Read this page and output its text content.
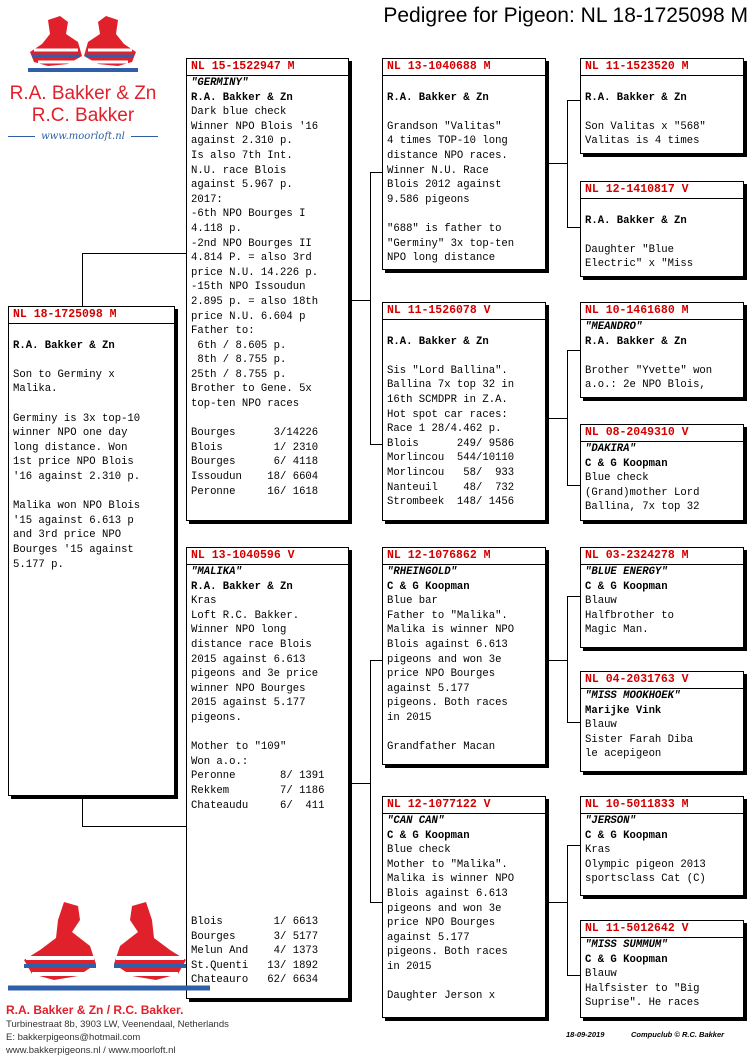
Pedigree for Pigeon: NL 18-1725098 M
R.A. Bakker & Zn
R.C. Bakker
www.moorloft.nl
NL 18-1725098 M
R.A. Bakker & Zn
Son to Germiny x
Malika.

Germiny is 3x top-10
winner NPO one day
long distance. Won
1st price NPO Blois
'16 against 2.310 p.

Malika won NPO Blois
'15 against 6.613 p
and 3rd price NPO
Bourges '15 against
5.177 p.
NL 15-1522947 M
"GERMINY"
R.A. Bakker & Zn
Dark blue check
Winner NPO Blois '16
against 2.310 p.
Is also 7th Int.
N.U. race Blois
against 5.967 p.
2017:
-6th NPO Bourges I
4.118 p.
-2nd NPO Bourges II
4.814 P. = also 3rd
price N.U. 14.226 p.
-15th NPO Issoudun
2.895 p. = also 18th
price N.U. 6.604 p
Father to:
6th / 8.605 p.
8th / 8.755 p.
25th / 8.755 p.
Brother to Gene. 5x
top-ten NPO races
Bourges      3/14226
Blois        1/ 2310
Bourges      6/ 4118
Issoudun    18/ 6604
Peronne     16/ 1618
NL 13-1040596 V
"MALIKA"
R.A. Bakker & Zn
Kras
Loft R.C. Bakker.
Winner NPO long
distance race Blois
2015 against 6.613
pigeons and 3e price
winner NPO Bourges
2015 against 5.177
pigeons.

Mother to "109"
Won a.o.:
Peronne       8/ 1391
Rekkem        7/ 1186
Chateaudu     6/  411
Blois        1/ 6613
Bourges      3/ 5177
Melun And    4/ 1373
St.Quenti   13/ 1892
Chateauro   62/ 6634
NL 13-1040688 M
R.A. Bakker & Zn
Grandson "Valitas"
4 times TOP-10 long
distance NPO races.
Winner N.U. Race
Blois 2012 against
9.586 pigeons

"688" is father to
"Germiny" 3x top-ten
NPO long distance
NL 11-1526078 V
R.A. Bakker & Zn
Sis "Lord Ballina".
Ballina 7x top 32 in
16th SCMDPR in Z.A.
Hot spot car races:
Race 1 28/4.462 p.
Blois      249/ 9586
Morlincou  544/10110
Morlincou   58/  933
Nanteuil    48/  732
Strombeek  148/ 1456
NL 12-1076862 M
"RHEINGOLD"
C & G Koopman
Blue bar
Father to "Malika".
Malika is winner NPO
Blois against 6.613
pigeons and won 3e
price NPO Bourges
against 5.177
pigeons. Both races
in 2015

Grandfather Macan
NL 12-1077122 V
"CAN CAN"
C & G Koopman
Blue check
Mother to "Malika".
Malika is winner NPO
Blois against 6.613
pigeons and won 3e
price NPO Bourges
against 5.177
pigeons. Both races
in 2015

Daughter Jerson x
NL 11-1523520 M
R.A. Bakker & Zn
Son Valitas x "568"
Valitas is 4 times
NL 12-1410817 V
R.A. Bakker & Zn
Daughter "Blue
Electric" x "Miss
NL 10-1461680 M
"MEANDRO"
R.A. Bakker & Zn
Brother "Yvette" won
a.o.: 2e NPO Blois,
NL 08-2049310 V
"DAKIRA"
C & G Koopman
Blue check
(Grand)mother Lord
Ballina, 7x top 32
NL 03-2324278 M
"BLUE ENERGY"
C & G Koopman
Blauw
Halfbrother to
Magic Man.
NL 04-2031763 V
"MISS MOOKHOEK"
Marijke Vink
Blauw
Sister Farah Diba
le acepigeon
NL 10-5011833 M
"JERSON"
C & G Koopman
Kras
Olympic pigeon 2013
sportsclass Cat (C)
NL 11-5012642 V
"MISS SUMMUM"
C & G Koopman
Blauw
Halfsister to "Big
Suprise". He races
R.A. Bakker & Zn / R.C. Bakker.
Turbinestraat 8b, 3903 LW, Veenendaal, Netherlands
E: bakkerpigeons@hotmail.com
www.bakkerpigeons.nl / www.moorloft.nl
18-09-2019	Compuclub © R.C. Bakker
